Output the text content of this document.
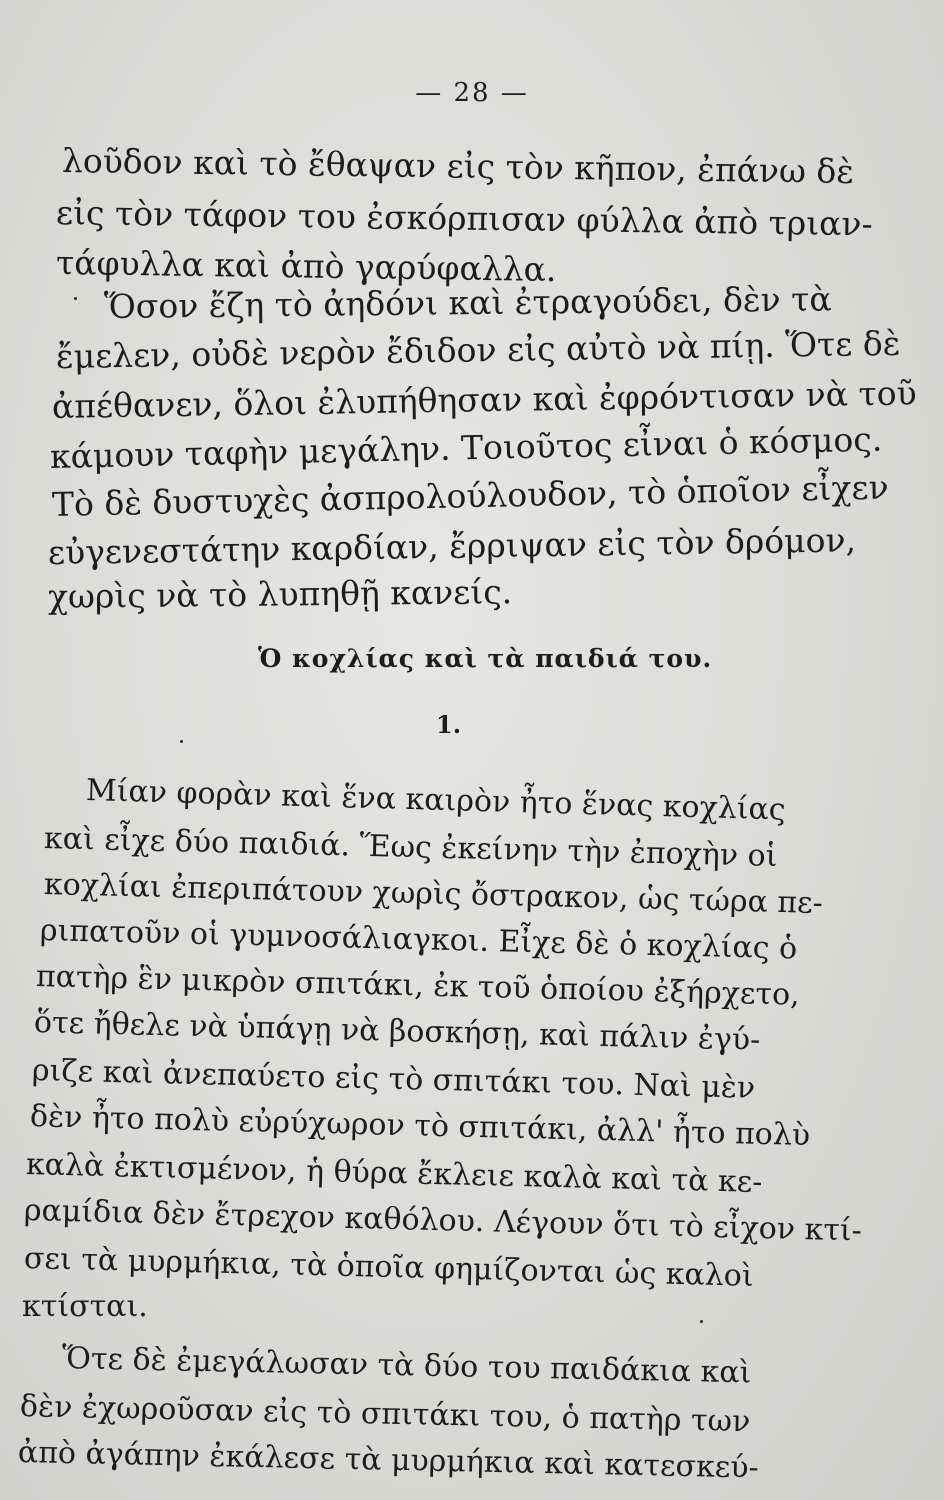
— 28 —
λοῦδον καὶ τὸ ἔθαψαν εἰς τὸν κῆπον, ἐπάνω δὲ
εἰς τὸν τάφον του ἐσκόρπισαν φύλλα ἀπὸ τριαν-
τάφυλλα καὶ ἀπὸ γαρύφαλλα.
Ὅσον ἔζη τὸ ἀηδόνι καὶ ἐτραγούδει, δὲν τὰ
ἔμελεν, οὐδὲ νερὸν ἔδιδον εἰς αὐτὸ νὰ πίῃ. Ὅτε δὲ
ἀπέθανεν, ὅλοι ἐλυπήθησαν καὶ ἐφρόντισαν νὰ τοῦ
κάμουν ταφὴν μεγάλην. Τοιοῦτος εἶναι ὁ κόσμος.
Τὸ δὲ δυστυχὲς ἀσπρολούλουδον, τὸ ὁποῖον εἶχεν
εὐγενεστάτην καρδίαν, ἔρριψαν εἰς τὸν δρόμον,
χωρὶς νὰ τὸ λυπηθῇ κανείς.
Ὁ κοχλίας καὶ τὰ παιδιά του.
1.
Μίαν φορὰν καὶ ἕνα καιρὸν ἦτο ἕνας κοχλίας
καὶ εἶχε δύο παιδιά. Ἕως ἐκείνην τὴν ἐποχὴν οἱ
κοχλίαι ἐπεριπάτουν χωρὶς ὄστρακον, ὡς τώρα πε-
ριπατοῦν οἱ γυμνοσάλιαγκοι. Εἶχε δὲ ὁ κοχλίας ὁ
πατὴρ ἓν μικρὸν σπιτάκι, ἐκ τοῦ ὁποίου ἐξήρχετο,
ὅτε ἤθελε νὰ ὑπάγῃ νὰ βοσκήσῃ, καὶ πάλιν ἐγύ-
ριζε καὶ ἀνεπαύετο εἰς τὸ σπιτάκι του. Ναὶ μὲν
δὲν ἦτο πολὺ εὐρύχωρον τὸ σπιτάκι, ἀλλ' ἦτο πολὺ
καλὰ ἐκτισμένον, ἡ θύρα ἔκλειε καλὰ καὶ τὰ κε-
ραμίδια δὲν ἔτρεχον καθόλου. Λέγουν ὅτι τὸ εἶχον κτί-
σει τὰ μυρμήκια, τὰ ὁποῖα φημίζονται ὡς καλοὶ
κτίσται.
Ὅτε δὲ ἐμεγάλωσαν τὰ δύο του παιδάκια καὶ
δὲν ἐχωροῦσαν εἰς τὸ σπιτάκι του, ὁ πατὴρ των
ἀπὸ ἀγάπην ἐκάλεσε τὰ μυρμήκια καὶ κατεσκεύ-
